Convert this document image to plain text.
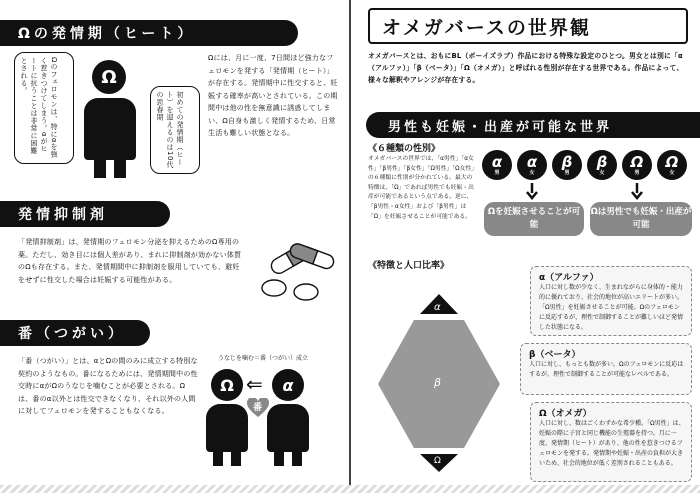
Ωの発情期（ヒート）
Ωのフェロモンは、特にαを強く惹きつけてしまう。αがヒートに抗うことは非常に困難とされる。	Ω
初めての発情期（ヒート）を迎えるのは10代の思春期
Ωには、月に一度、7日間ほど強力なフェロモンを発する「発情期（ヒート）」が存在する。発情期中に性交すると、妊娠する確率が高いとされている。この期間中は他の性を無意識に誘惑してしまい、Ω自身も激しく発情するため、日常生活も難しい状態となる。
発情抑制剤
「発情抑制剤」は、発情期のフェロモン分泌を抑えるためのΩ専用の薬。ただし、効き目には個人差があり、まれに抑制剤が効かない体質のΩも存在する。また、発情期間中に抑制剤を服用していても、避妊をせずに性交した場合は妊娠する可能性がある。
番（つがい）
「番（つがい）」とは、αとΩの間のみに成立する特別な契約のようなもの。番になるためには、発情期間中の性交時にαがΩのうなじを噛むことが必要とされる。Ωは、番のα以外とは性交できなくなり、それ以外の人間に対してフェロモンを発することもなくなる。
うなじを噛む＝番（つがい）成立
Ω ⇐ α
番
オメガバースの世界観
オメガバースとは、おもにBL（ボーイズラブ）作品における特殊な設定のひとつ。男女とは別に「α（アルファ）」「β（ベータ）」「Ω（オメガ）」と呼ばれる性別が存在する世界である。作品によって、様々な解釈やアレンジが存在する。
男性も妊娠・出産が可能な世界
《６種類の性別》
オメガバースの世界では、「α男性」「α女性」「β男性」「β女性」「Ω男性」「Ω女性」の６種類に性別が分かれている。最大の特徴は、「Ω」であれば男性でも妊娠・出産が可能であるという点である。逆に、「β男性・α女性」および「β男性」は「Ω」を妊娠させることが可能である。
α
男
α
女
β
男
β
女
Ω
男
Ω
女
Ωを妊娠させることが可能
Ωは男性でも妊娠・出産が可能
《特徴と人口比率》
α
β
Ω
α（アルファ）
人口に対し数が少なく、生まれながらに身体的・能力的に優れており、社会的地位が高いエリートが多い。「Ω男性」を妊娠させることが可能。Ωのフェロモンに反応するが、理性で制御することが難しいほど発情した状態になる。
β（ベータ）
人口に対し、もっとも数が多い。Ωのフェロモンに反応はするが、理性で制御することが可能なレベルである。
Ω（オメガ）
人口に対し、数はごくわずかな希少種。「Ω男性」は、妊娠の際に子宮と同じ機能の生殖器を持つ。月に一度、発情期（ヒート）があり、他の性を惹きつけるフェロモンを発する。発情期や妊娠・出産の負担が大きいため、社会的地位が低く差別されることもある。
